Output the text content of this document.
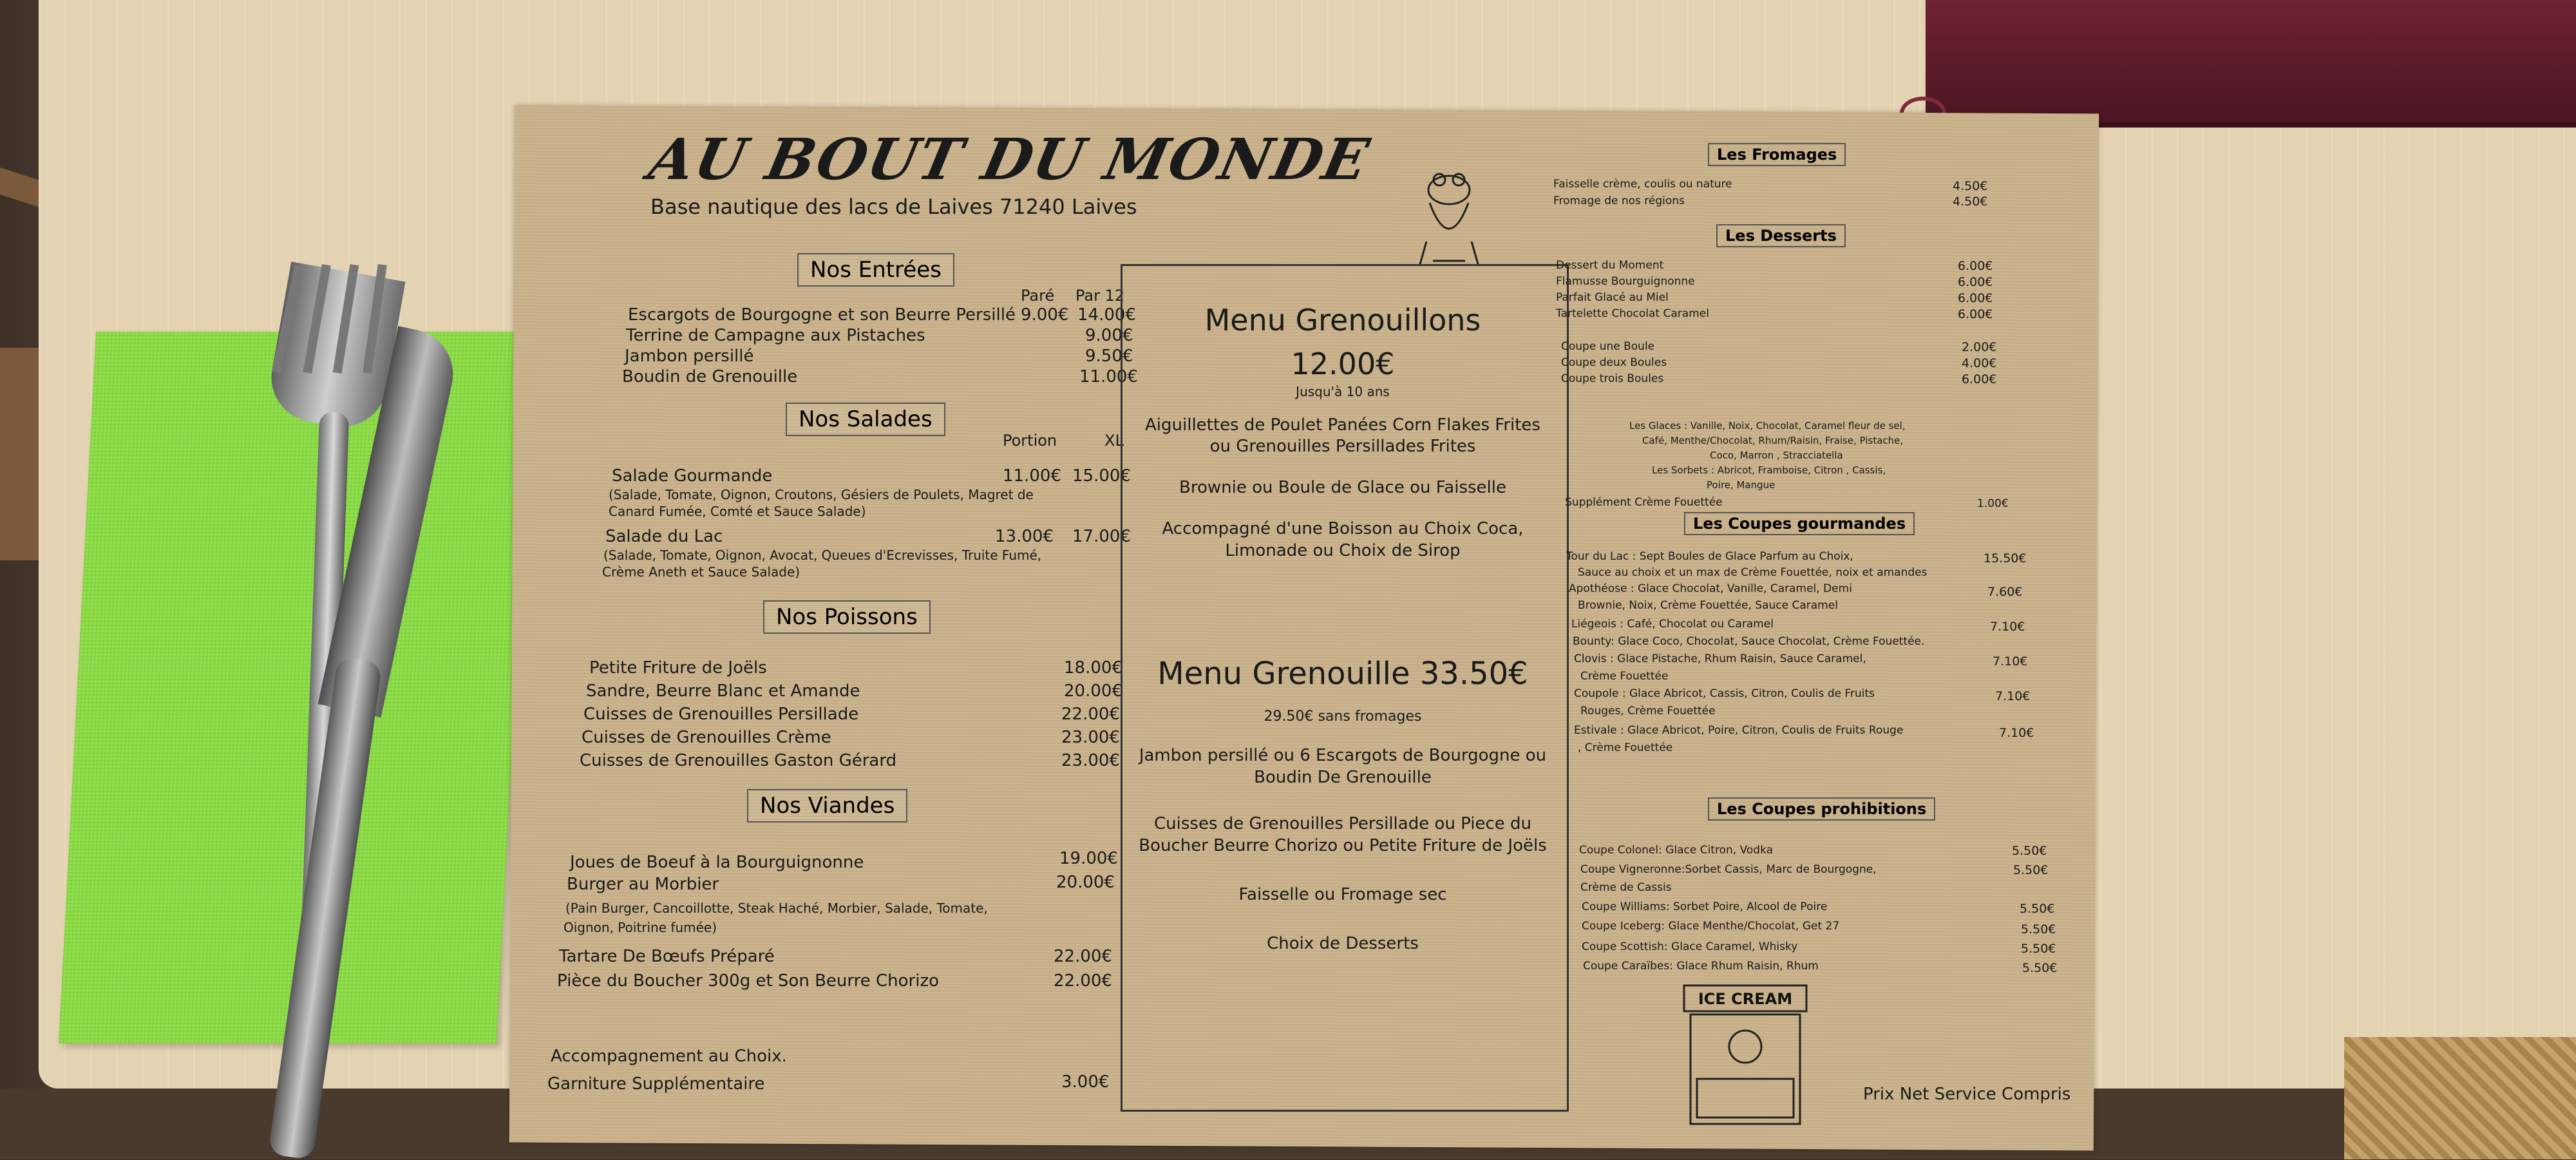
AU BOUT DU MONDE
Base nautique des lacs de Laives 71240 Laives
Nos Entrées
Paré Par 12
Escargots de Bourgogne et son Beurre Persillé 9.00€ 14.00€
Terrine de Campagne aux Pistaches	9.00€
Jambon persillé	9.50€
Boudin de Grenouille	11.00€
Nos Salades
Portion	XL
Salade Gourmande	11.00€ 15.00€
(Salade, Tomate, Oignon, Croutons, Gésiers de Poulets, Magret de
Canard Fumée, Comté et Sauce Salade)
Salade du Lac	13.00€ 17.00€
(Salade, Tomate, Oignon, Avocat, Queues d'Ecrevisses, Truite Fumé,
Crème Aneth et Sauce Salade)
Nos Poissons
Petite Friture de Joëls	18.00€
Sandre, Beurre Blanc et Amande	20.00€
Cuisses de Grenouilles Persillade	22.00€
Cuisses de Grenouilles Crème	23.00€
Cuisses de Grenouilles Gaston Gérard	23.00€
Nos Viandes
Joues de Boeuf à la Bourguignonne	19.00€
Burger au Morbier	20.00€
(Pain Burger, Cancoillotte, Steak Haché, Morbier, Salade, Tomate,
Oignon, Poitrine fumée)
Tartare De Bœufs Préparé	22.00€
Pièce du Boucher 300g et Son Beurre Chorizo	22.00€
Accompagnement au Choix.
Garniture Supplémentaire	3.00€
Menu Grenouillons
12.00€
Jusqu'à 10 ans
Aiguillettes de Poulet Panées Corn Flakes Frites
ou Grenouilles Persillades Frites
Brownie ou Boule de Glace ou Faisselle
Accompagné d'une Boisson au Choix Coca,
Limonade ou Choix de Sirop
Menu Grenouille 33.50€
29.50€ sans fromages
Jambon persillé ou 6 Escargots de Bourgogne ou
Boudin De Grenouille
Cuisses de Grenouilles Persillade ou Piece du
Boucher Beurre Chorizo ou Petite Friture de Joëls
Faisselle ou Fromage sec
Choix de Desserts
Les Fromages
Faisselle crème, coulis ou nature	4.50€
Fromage de nos régions	4.50€
Les Desserts
Dessert du Moment	6.00€
Flamusse Bourguignonne	6.00€
Parfait Glacé au Miel	6.00€
Tartelette Chocolat Caramel	6.00€
Coupe une Boule	2.00€
Coupe deux Boules	4.00€
Coupe trois Boules	6.00€
Les Glaces : Vanille, Noix, Chocolat, Caramel fleur de sel,
Café, Menthe/Chocolat, Rhum/Raisin, Fraise, Pistache,
Coco, Marron , Stracciatella
Les Sorbets : Abricot, Framboise, Citron , Cassis,
Poire, Mangue
Supplément Crème Fouettée	1.00€
Les Coupes gourmandes
Tour du Lac : Sept Boules de Glace Parfum au Choix,	15.50€
Sauce au choix et un max de Crème Fouettée, noix et amandes
Apothéose : Glace Chocolat, Vanille, Caramel, Demi	7.60€
Brownie, Noix, Crème Fouettée, Sauce Caramel
Liégeois : Café, Chocolat ou Caramel	7.10€
Bounty: Glace Coco, Chocolat, Sauce Chocolat, Crème Fouettée.
Clovis : Glace Pistache, Rhum Raisin, Sauce Caramel,	7.10€
Crème Fouettée
Coupole : Glace Abricot, Cassis, Citron, Coulis de Fruits	7.10€
Rouges, Crème Fouettée
Estivale : Glace Abricot, Poire, Citron, Coulis de Fruits Rouge	7.10€
, Crème Fouettée
Les Coupes prohibitions
Coupe Colonel: Glace Citron, Vodka	5.50€
Coupe Vigneronne:Sorbet Cassis, Marc de Bourgogne,	5.50€
Crème de Cassis
Coupe Williams: Sorbet Poire, Alcool de Poire	5.50€
Coupe Iceberg: Glace Menthe/Chocolat, Get 27	5.50€
Coupe Scottish: Glace Caramel, Whisky	5.50€
Coupe Caraïbes: Glace Rhum Raisin, Rhum	5.50€
ICE CREAM
Prix Net Service Compris
